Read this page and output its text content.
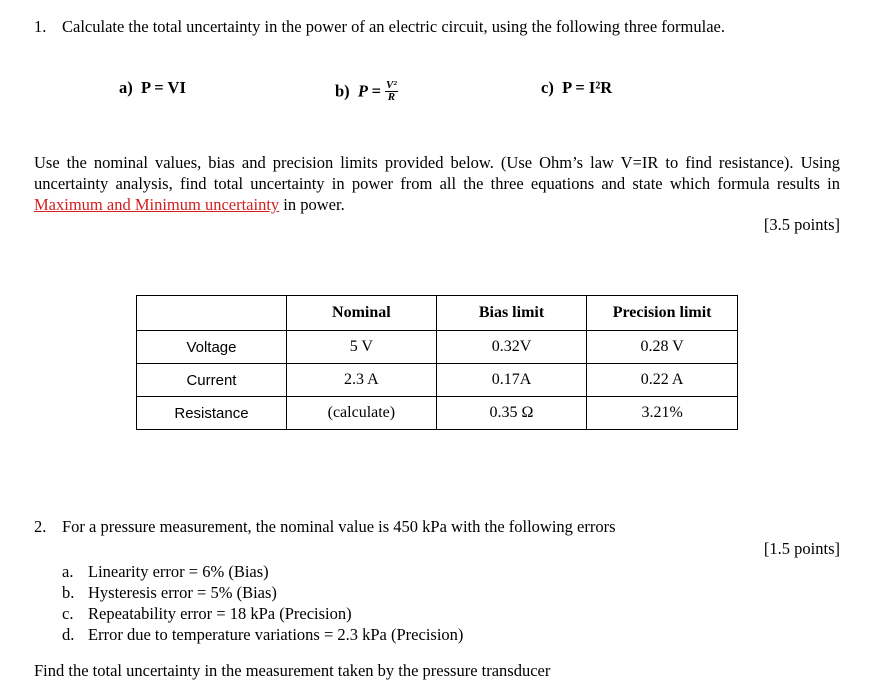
1. Calculate the total uncertainty in the power of an electric circuit, using the following three formulae.
a) P = VI	b) $P = \frac{\text{V²}}{R}$	c) P = I²R
Use the nominal values, bias and precision limits provided below. (Use Ohm’s law V=IR to find resistance). Using uncertainty analysis, find total uncertainty in power from all the three equations and state which formula results in Maximum and Minimum uncertainty in power.
[3.5 points]
	Nominal	Bias limit	Precision limit
Voltage	5 V	0.32V	0.28 V
Current	2.3 A	0.17A	0.22 A
Resistance	(calculate)	0.35 Ω	3.21%
2. For a pressure measurement, the nominal value is 450 kPa with the following errors
[1.5 points]
a. Linearity error = 6% (Bias)
b. Hysteresis error = 5% (Bias)
c. Repeatability error = 18 kPa (Precision)
d. Error due to temperature variations = 2.3 kPa (Precision)
Find the total uncertainty in the measurement taken by the pressure transducer
